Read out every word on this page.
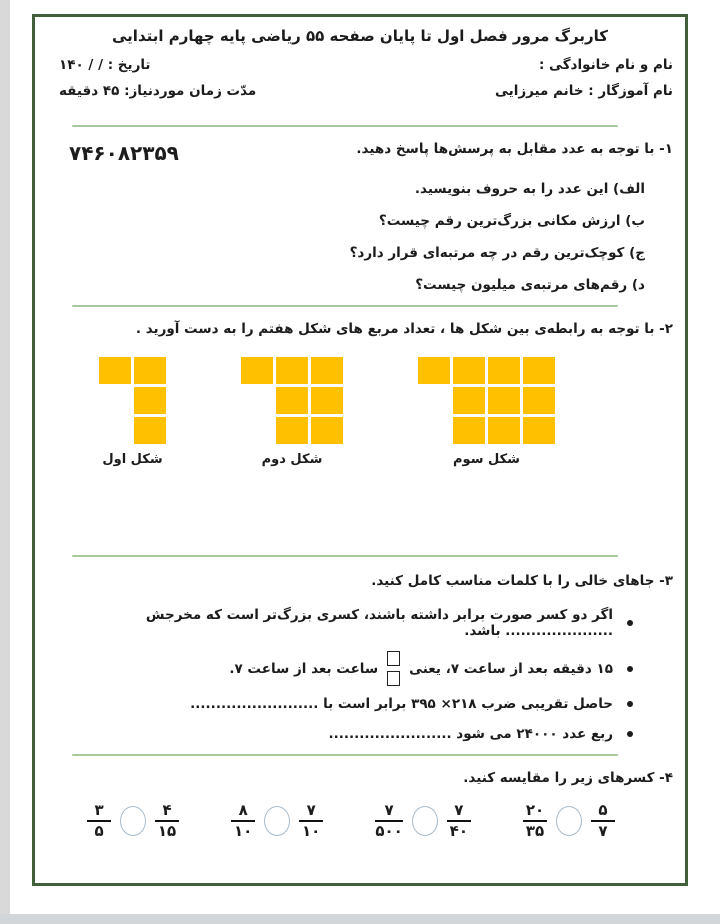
کاربرگ مرور فصل اول تا پایان صفحه ۵۵ ریاضی پایه چهارم ابتدایی
نام و نام خانوادگی :
تاریخ : / / ۱۴۰
نام آموزگار : خانم میرزایی
مدّت زمان موردنیاز: ۴۵ دقیقه
۱- با توجه به عدد مقابل به پرسش‌ها پاسخ دهید.
۷۴۶۰۸۲۳۵۹
الف) این عدد را به حروف بنویسید.
ب) ارزش مکانی بزرگ‌ترین رقم چیست؟
ج) کوچک‌ترین رقم در چه مرتبه‌ای قرار دارد؟
د) رقم‌های مرتبه‌ی میلیون چیست؟
۲- با توجه به رابطه‌ی بین شکل ها ، تعداد مربع های شکل هفتم را به دست آورید .
شکل اول	شکل دوم	شکل سوم
۳- جاهای خالی را با کلمات مناسب کامل کنید.
اگر دو کسر صورت برابر داشته باشند، کسری بزرگ‌تر است که مخرجش ..................... باشد.
۱۵ دقیقه بعد از ساعت ۷، یعنی
ساعت بعد از ساعت ۷.
حاصل تقریبی ضرب ۲۱۸× ۳۹۵ برابر است با .........................
ربع عدد ۲۴۰۰۰ می شود ........................
۴- کسرهای زیر را مقایسه کنید.
$\frac{۵}{۷}$
$\frac{۲۰}{۳۵}$
$\frac{۷}{۴۰}$
$\frac{۷}{۵۰۰}$
$\frac{۷}{۱۰}$
$\frac{۸}{۱۰}$
$\frac{۴}{۱۵}$
$\frac{۳}{۵}$
